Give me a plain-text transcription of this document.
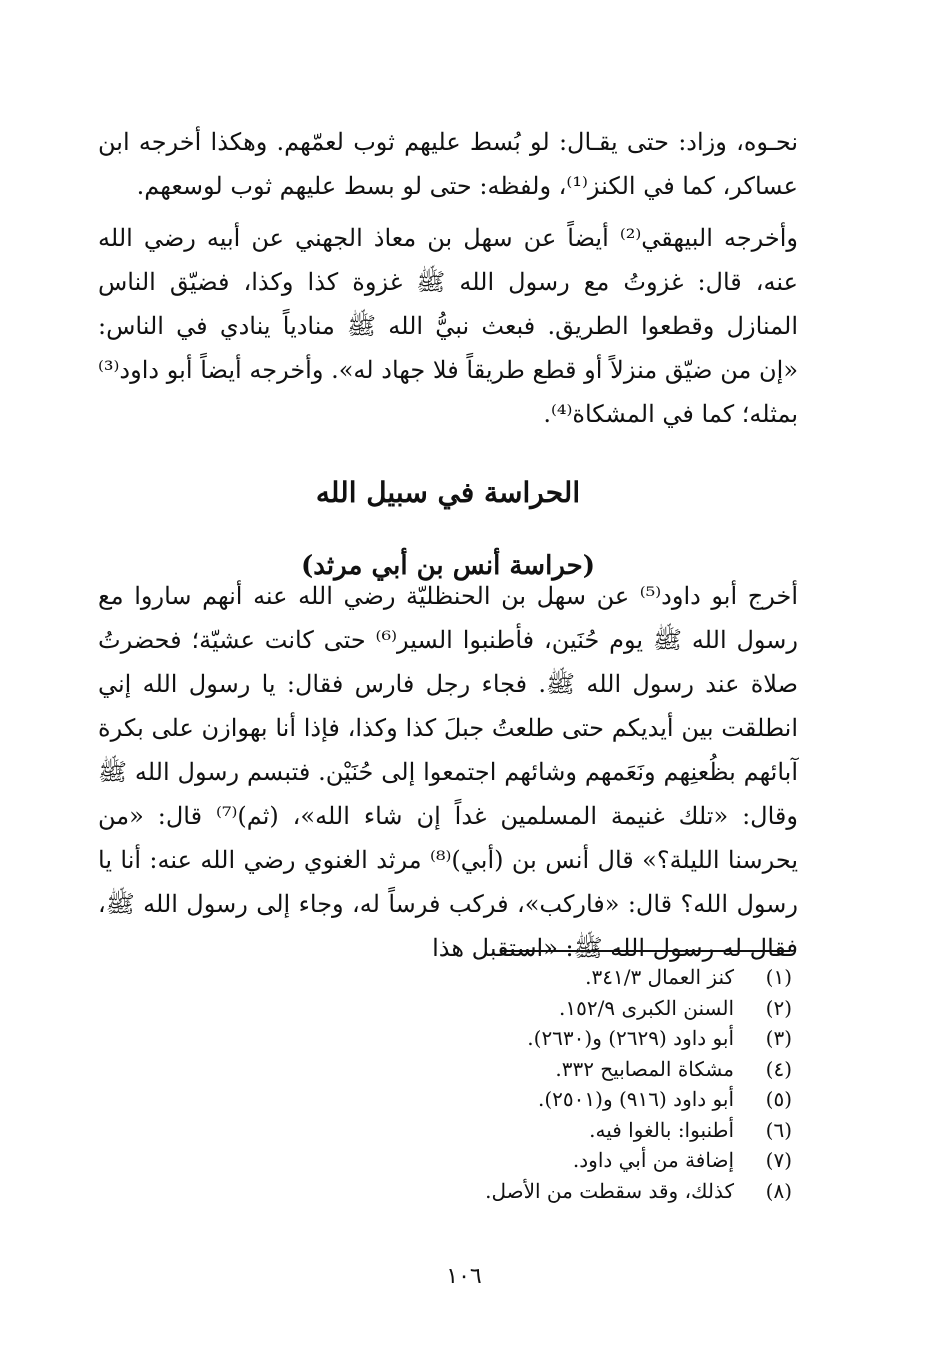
نحـوه، وزاد: حتى يقـال: لو بُسط عليهم ثوب لعمّهم. وهكذا أخرجه ابن عساكر، كما في الكنز⁽¹⁾، ولفظه: حتى لو بسط عليهم ثوب لوسعهم.

وأخرجه البيهقي⁽²⁾ أيضاً عن سهل بن معاذ الجهني عن أبيه رضي الله عنه، قال: غزوتُ مع رسول الله ﷺ غزوة كذا وكذا، فضيّق الناس المنازل وقطعوا الطريق. فبعث نبيُّ الله ﷺ منادياً ينادي في الناس: «إن من ضيّق منزلاً أو قطع طريقاً فلا جهاد له». وأخرجه أيضاً أبو داود⁽³⁾ بمثله؛ كما في المشكاة⁽⁴⁾.

الحراسة في سبيل الله
(حراسة أنس بن أبي مرثد)

أخرج أبو داود⁽⁵⁾ عن سهل بن الحنظليّة رضي الله عنه أنهم ساروا مع رسول الله ﷺ يوم حُنَين، فأطنبوا السير⁽⁶⁾ حتى كانت عشيّة؛ فحضرتُ صلاة عند رسول الله ﷺ. فجاء رجل فارس فقال: يا رسول الله إني انطلقت بين أيديكم حتى طلعتُ جبلَ كذا وكذا، فإذا أنا بهوازن على بكرة آبائهم بظُعنِهم ونَعَمهم وشائهم اجتمعوا إلى حُنَيْن. فتبسم رسول الله ﷺ وقال: «تلك غنيمة المسلمين غداً إن شاء الله»، (ثم)⁽⁷⁾ قال: «من يحرسنا الليلة؟» قال أنس بن (أبي)⁽⁸⁾ مرثد الغنوي رضي الله عنه: أنا يا رسول الله؟ قال: «فاركب»، فركب فرساً له، وجاء إلى رسول الله ﷺ، فقال له رسول الله ﷺ: «استقبل هذا

(١)
كنز العمال ٣٤١/٣.
(٢)
السنن الكبرى ١٥٢/٩.
(٣)
أبو داود (٢٦٢٩) و(٢٦٣٠).
(٤)
مشكاة المصابيح ٣٣٢.
(٥)
أبو داود (٩١٦) و(٢٥٠١).
(٦)
أطنبوا: بالغوا فيه.
(٧)
إضافة من أبي داود.
(٨)
كذلك، وقد سقطت من الأصل.
١٠٦
